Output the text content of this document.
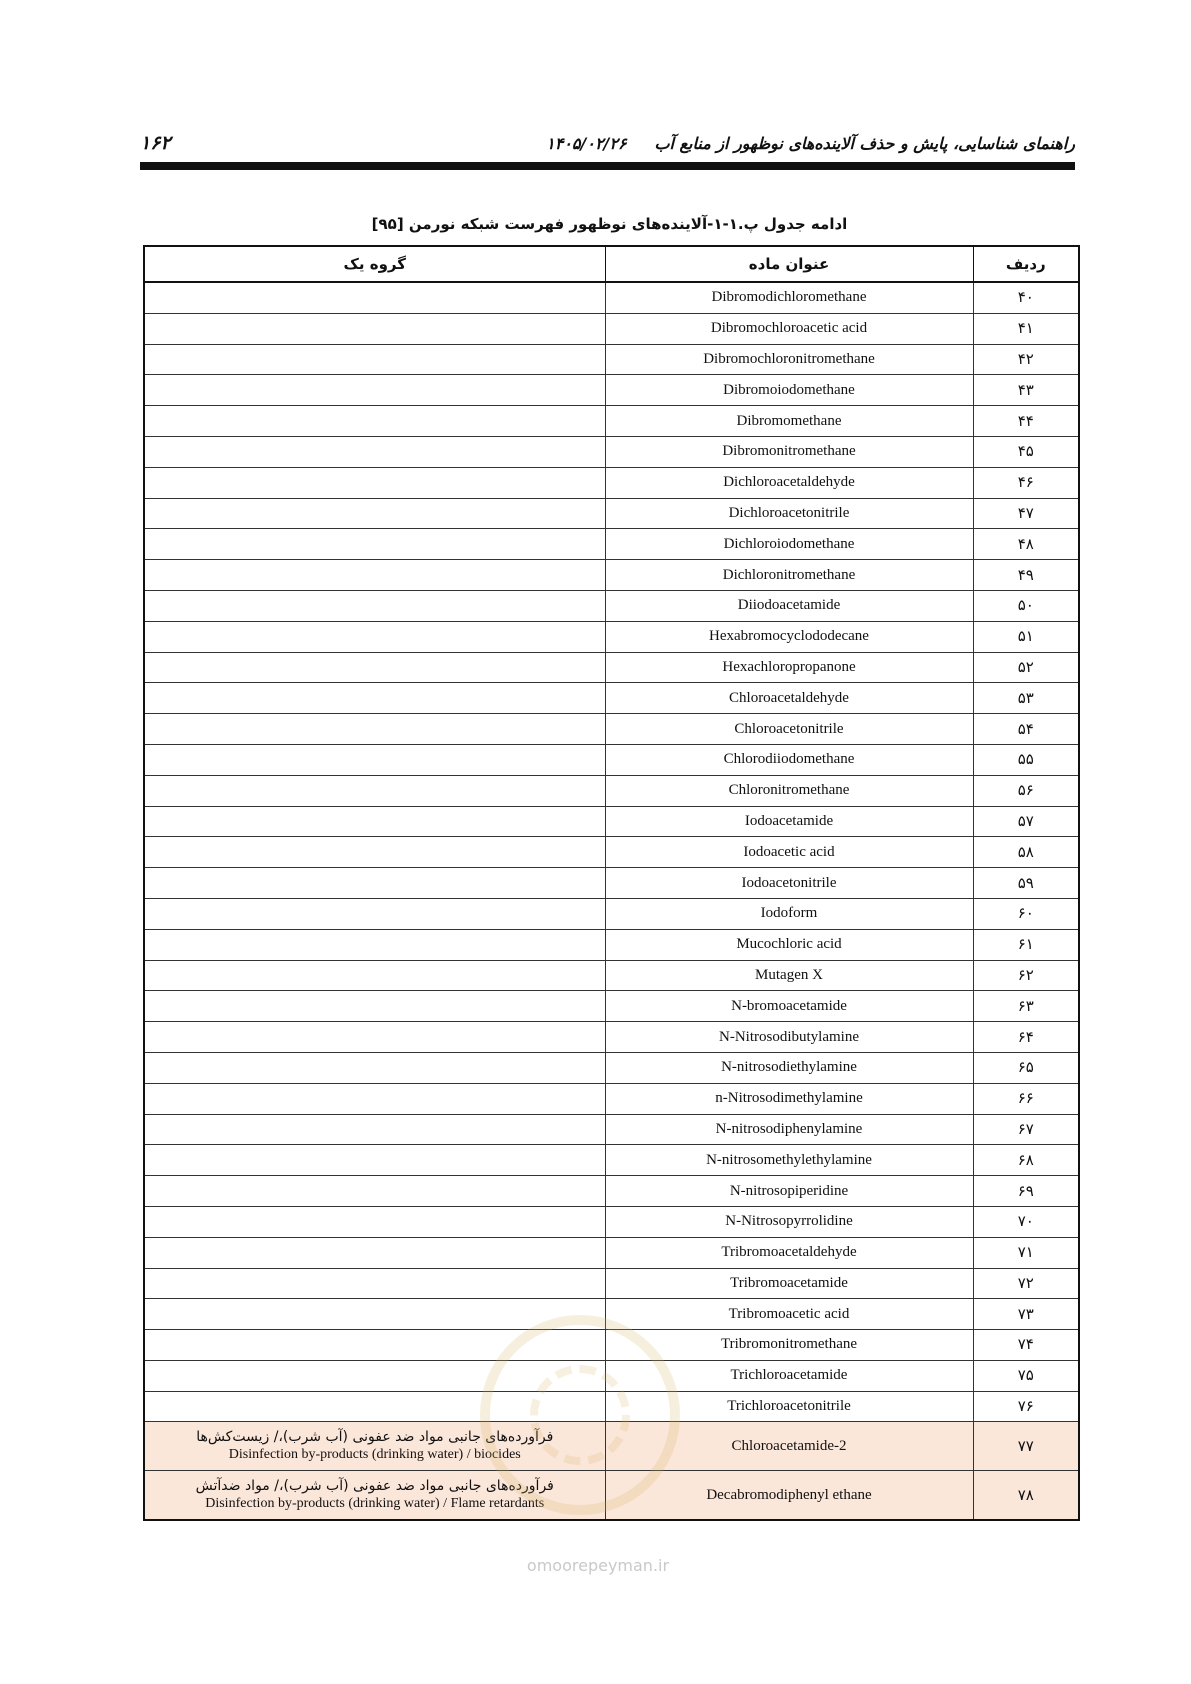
۱۶۲	راهنمای شناسایی، پایش و حذف آلاینده‌های نوظهور از منابع آب     ۱۴۰۵/۰۲/۲۶
ادامه جدول پ.۱-۱-آلاینده‌های نوظهور فهرست شبکه نورمن [۹۵]
ردیف	عنوان ماده	گروه یک
۴۰	Dibromodichloromethane	
۴۱	Dibromochloroacetic acid	
۴۲	Dibromochloronitromethane	
۴۳	Dibromoiodomethane	
۴۴	Dibromomethane	
۴۵	Dibromonitromethane	
۴۶	Dichloroacetaldehyde	
۴۷	Dichloroacetonitrile	
۴۸	Dichloroiodomethane	
۴۹	Dichloronitromethane	
۵۰	Diiodoacetamide	
۵۱	Hexabromocyclododecane	
۵۲	Hexachloropropanone	
۵۳	Chloroacetaldehyde	
۵۴	Chloroacetonitrile	
۵۵	Chlorodiiodomethane	
۵۶	Chloronitromethane	
۵۷	Iodoacetamide	
۵۸	Iodoacetic acid	
۵۹	Iodoacetonitrile	
۶۰	Iodoform	
۶۱	Mucochloric acid	
۶۲	Mutagen X	
۶۳	N-bromoacetamide	
۶۴	N-Nitrosodibutylamine	
۶۵	N-nitrosodiethylamine	
۶۶	n-Nitrosodimethylamine	
۶۷	N-nitrosodiphenylamine	
۶۸	N-nitrosomethylethylamine	
۶۹	N-nitrosopiperidine	
۷۰	N-Nitrosopyrrolidine	
۷۱	Tribromoacetaldehyde	
۷۲	Tribromoacetamide	
۷۳	Tribromoacetic acid	
۷۴	Tribromonitromethane	
۷۵	Trichloroacetamide	
۷۶	Trichloroacetonitrile	
۷۷	2-Chloroacetamide	فرآورده‌های جانبی مواد ضد عفونی (آب شرب)،/ زیست‌کش‌ها
Disinfection by-products (drinking water) / biocides

۷۸	Decabromodiphenyl ethane	فرآورده‌های جانبی مواد ضد عفونی (آب شرب)،/ مواد ضدآتش
Disinfection by-products (drinking water) / Flame retardants
omoorepeyman.ir
